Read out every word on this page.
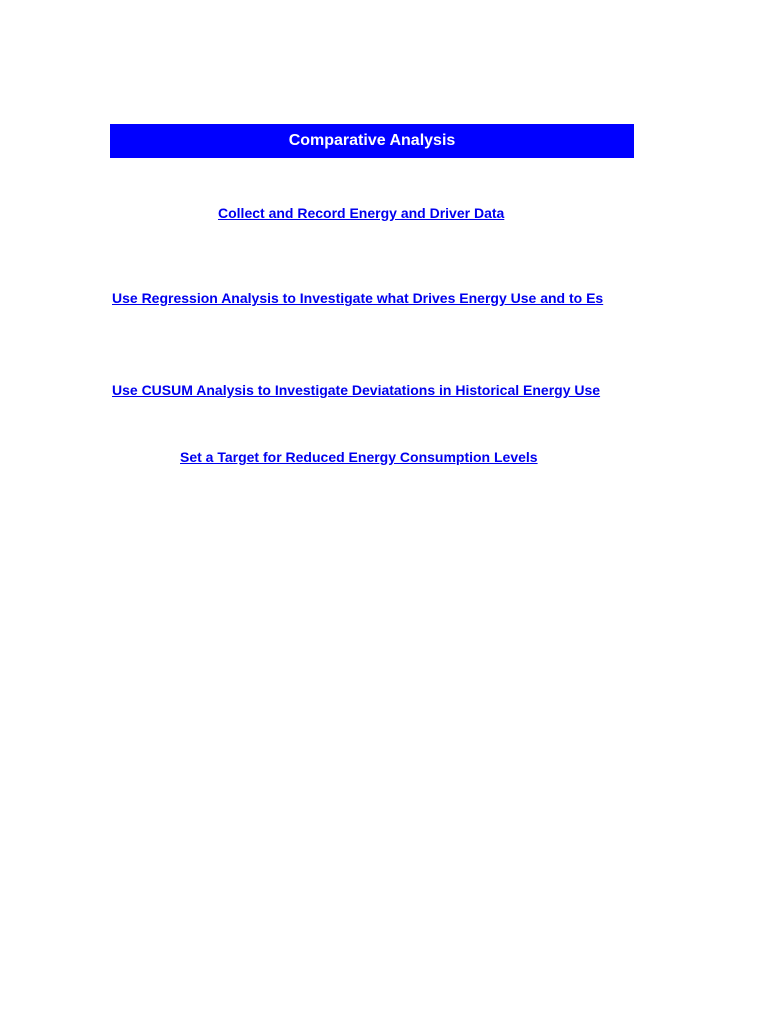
Comparative Analysis
Collect and Record Energy and Driver Data
Use Regression Analysis to Investigate what Drives Energy Use and to Es
Use CUSUM Analysis to Investigate Deviatations in Historical Energy Use
Set a Target for Reduced Energy Consumption Levels
